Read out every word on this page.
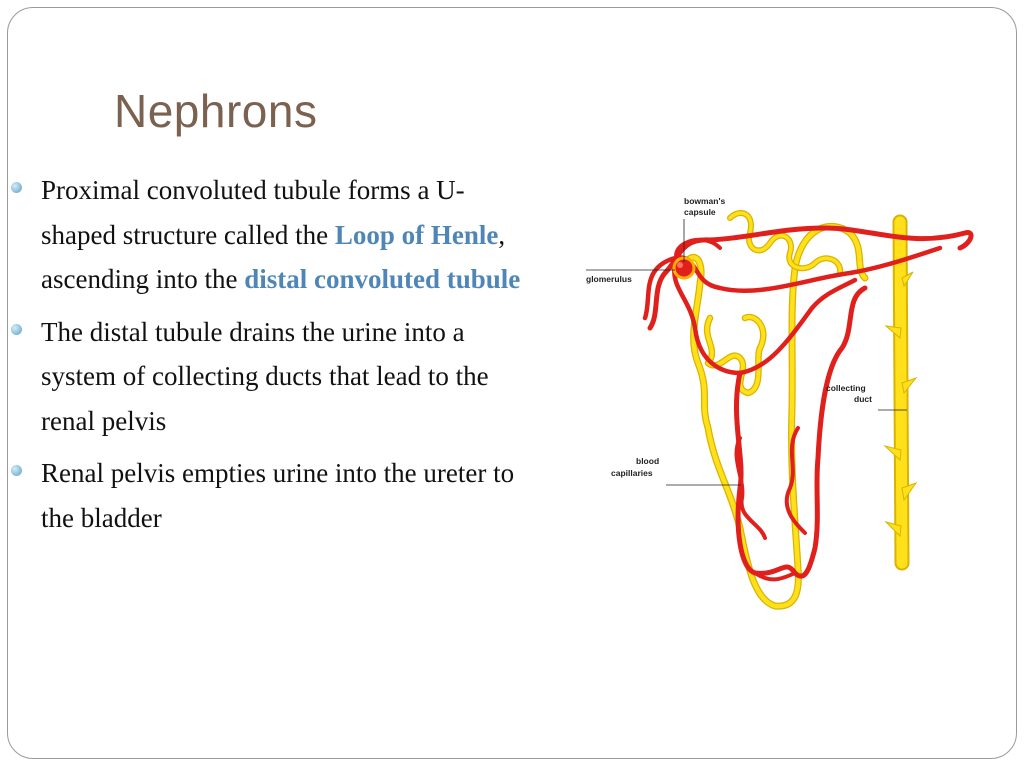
Nephrons
Proximal convoluted tubule forms a U-shaped structure called the Loop of Henle, ascending into the distal convoluted tubule
The distal tubule drains the urine into a system of collecting ducts that lead to the renal pelvis
Renal pelvis empties urine into the ureter to the bladder
bowman's
capsule
glomerulus
collecting
duct
blood
capillaries
